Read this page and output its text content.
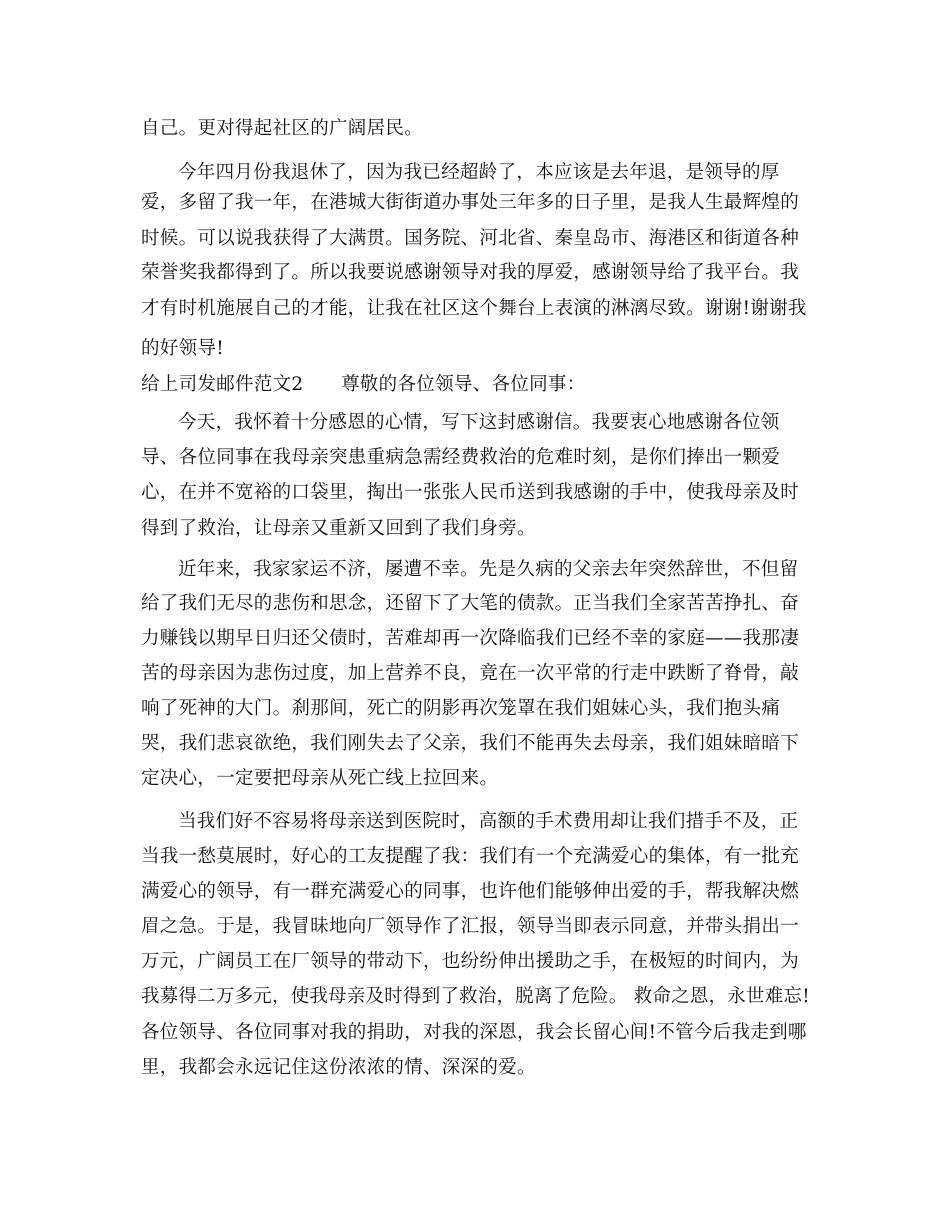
自己。更对得起社区的广阔居民。

今年四月份我退休了，因为我已经超龄了，本应该是去年退，是领导的厚

爱，多留了我一年，在港城大街街道办事处三年多的日子里，是我人生最辉煌的

时候。可以说我获得了大满贯。国务院、河北省、秦皇岛市、海港区和街道各种

荣誉奖我都得到了。所以我要说感谢领导对我的厚爱，感谢领导给了我平台。我

才有时机施展自己的才能，让我在社区这个舞台上表演的淋漓尽致。谢谢!谢谢我

的好领导!

给上司发邮件范文2　　尊敬的各位领导、各位同事：

今天，我怀着十分感恩的心情，写下这封感谢信。我要衷心地感谢各位领

导、各位同事在我母亲突患重病急需经费救治的危难时刻，是你们捧出一颗爱

心，在并不宽裕的口袋里，掏出一张张人民币送到我感谢的手中，使我母亲及时

得到了救治，让母亲又重新又回到了我们身旁。

近年来，我家家运不济，屡遭不幸。先是久病的父亲去年突然辞世，不但留

给了我们无尽的悲伤和思念，还留下了大笔的债款。正当我们全家苦苦挣扎、奋

力赚钱以期早日归还父债时，苦难却再一次降临我们已经不幸的家庭——我那凄

苦的母亲因为悲伤过度，加上营养不良，竟在一次平常的行走中跌断了脊骨，敲

响了死神的大门。刹那间，死亡的阴影再次笼罩在我们姐妹心头，我们抱头痛

哭，我们悲哀欲绝，我们刚失去了父亲，我们不能再失去母亲，我们姐妹暗暗下

定决心，一定要把母亲从死亡线上拉回来。

当我们好不容易将母亲送到医院时，高额的手术费用却让我们措手不及，正

当我一愁莫展时，好心的工友提醒了我：我们有一个充满爱心的集体，有一批充

满爱心的领导，有一群充满爱心的同事，也许他们能够伸出爱的手，帮我解决燃

眉之急。于是，我冒昧地向厂领导作了汇报，领导当即表示同意，并带头捐出一

万元，广阔员工在厂领导的带动下，也纷纷伸出援助之手，在极短的时间内，为

我募得二万多元，使我母亲及时得到了救治，脱离了危险。 救命之恩，永世难忘!

各位领导、各位同事对我的捐助，对我的深恩，我会长留心间!不管今后我走到哪

里，我都会永远记住这份浓浓的情、深深的爱。
